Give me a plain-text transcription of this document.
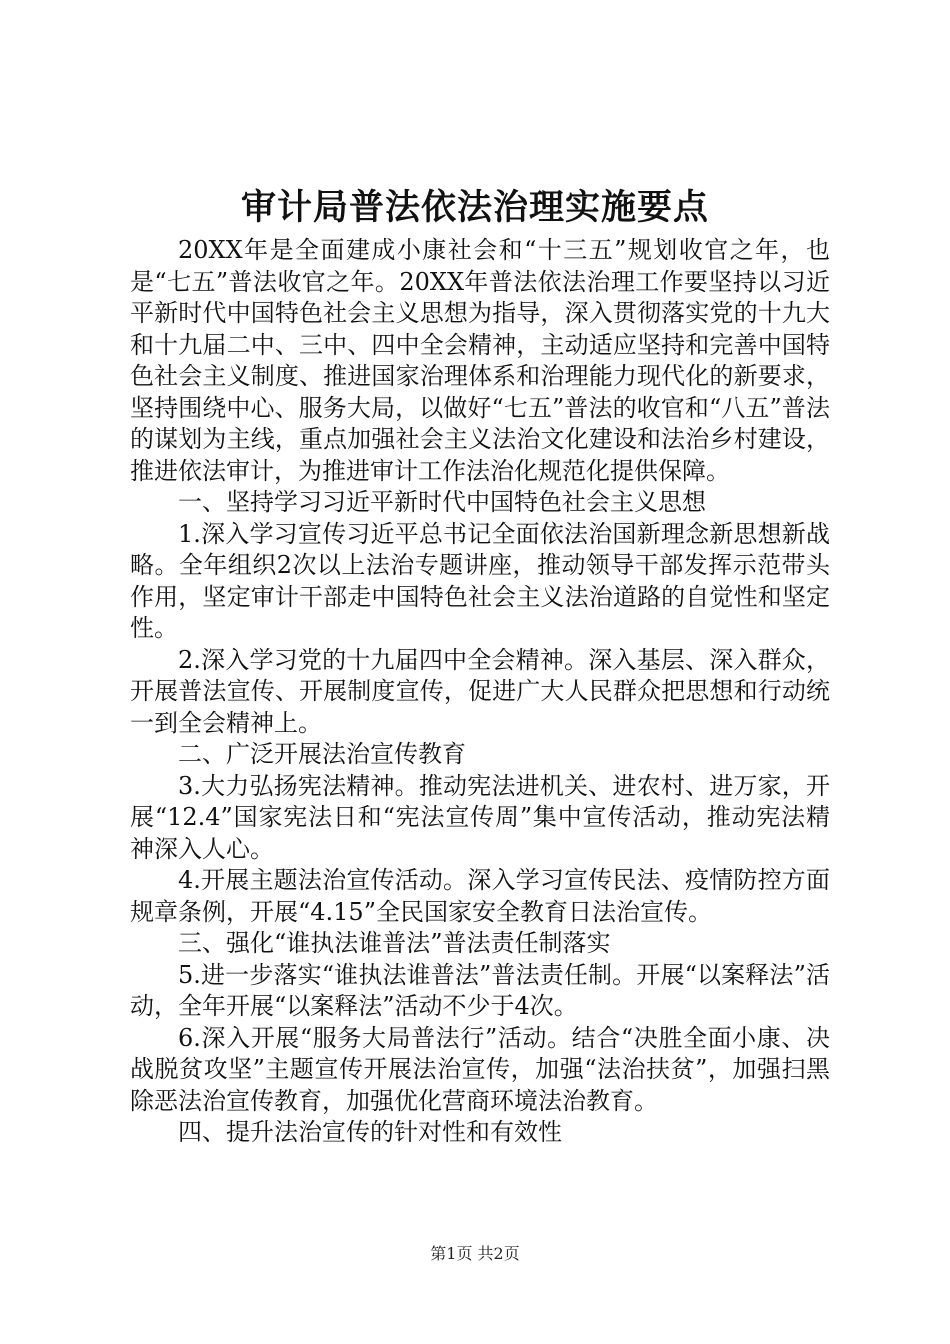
审计局普法依法治理实施要点

20XX年是全面建成小康社会和“十三五”规划收官之年，也是“七五”普法收官之年。20XX年普法依法治理工作要坚持以习近平新时代中国特色社会主义思想为指导，深入贯彻落实党的十九大和十九届二中、三中、四中全会精神，主动适应坚持和完善中国特色社会主义制度、推进国家治理体系和治理能力现代化的新要求，坚持围绕中心、服务大局，以做好“七五”普法的收官和“八五”普法的谋划为主线，重点加强社会主义法治文化建设和法治乡村建设，推进依法审计，为推进审计工作法治化规范化提供保障。

一、坚持学习习近平新时代中国特色社会主义思想

1.深入学习宣传习近平总书记全面依法治国新理念新思想新战略。全年组织2次以上法治专题讲座，推动领导干部发挥示范带头作用，坚定审计干部走中国特色社会主义法治道路的自觉性和坚定性。

2.深入学习党的十九届四中全会精神。深入基层、深入群众，开展普法宣传、开展制度宣传，促进广大人民群众把思想和行动统一到全会精神上。

二、广泛开展法治宣传教育

3.大力弘扬宪法精神。推动宪法进机关、进农村、进万家，开展“12.4”国家宪法日和“宪法宣传周”集中宣传活动，推动宪法精神深入人心。

4.开展主题法治宣传活动。深入学习宣传民法、疫情防控方面规章条例，开展“4.15”全民国家安全教育日法治宣传。

三、强化“谁执法谁普法”普法责任制落实

5.进一步落实“谁执法谁普法”普法责任制。开展“以案释法”活动，全年开展“以案释法”活动不少于4次。

6.深入开展“服务大局普法行”活动。结合“决胜全面小康、决战脱贫攻坚”主题宣传开展法治宣传，加强“法治扶贫”，加强扫黑除恶法治宣传教育，加强优化营商环境法治教育。

四、提升法治宣传的针对性和有效性

第1页 共2页
